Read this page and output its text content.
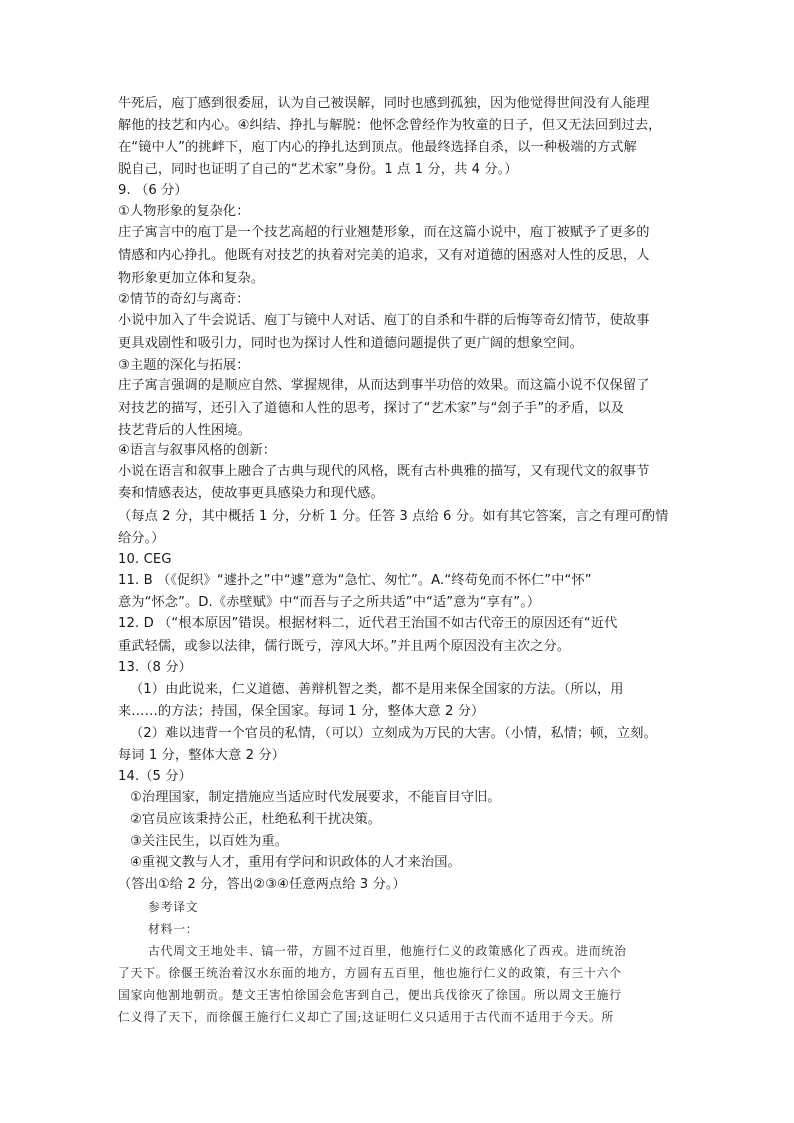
牛死后，庖丁感到很委屈，认为自己被误解，同时也感到孤独，因为他觉得世间没有人能理
解他的技艺和内心。④纠结、挣扎与解脱：他怀念曾经作为牧童的日子，但又无法回到过去，
在“镜中人”的挑衅下，庖丁内心的挣扎达到顶点。他最终选择自杀，以一种极端的方式解
脱自己，同时也证明了自己的“艺术家”身份。1 点 1 分，共 4 分。）
9. （6 分）
①人物形象的复杂化：
庄子寓言中的庖丁是一个技艺高超的行业翘楚形象，而在这篇小说中，庖丁被赋予了更多的
情感和内心挣扎。他既有对技艺的执着对完美的追求，又有对道德的困惑对人性的反思，人
物形象更加立体和复杂。
②情节的奇幻与离奇：
小说中加入了牛会说话、庖丁与镜中人对话、庖丁的自杀和牛群的后悔等奇幻情节，使故事
更具戏剧性和吸引力，同时也为探讨人性和道德问题提供了更广阔的想象空间。
③主题的深化与拓展：
庄子寓言强调的是顺应自然、掌握规律，从而达到事半功倍的效果。而这篇小说不仅保留了
对技艺的描写，还引入了道德和人性的思考，探讨了“艺术家”与“刽子手”的矛盾，以及
技艺背后的人性困境。
④语言与叙事风格的创新：
小说在语言和叙事上融合了古典与现代的风格，既有古朴典雅的描写，又有现代文的叙事节
奏和情感表达，使故事更具感染力和现代感。
（每点 2 分，其中概括 1 分，分析 1 分。任答 3 点给 6 分。如有其它答案，言之有理可酌情
给分。）
10. CEG
11. B （《促织》“遽扑之”中“遽”意为“急忙、匆忙”。A.“终苟免而不怀仁”中“怀”
意为“怀念”。D.《赤壁赋》中“而吾与子之所共适”中“适”意为“享有”。）
12. D （“根本原因”错误。根据材料二，近代君王治国不如古代帝王的原因还有“近代
重武轻儒，或参以法律，儒行既亏，淳风大坏。”并且两个原因没有主次之分。
13.（8 分）
（1）由此说来，仁义道德、善辩机智之类，都不是用来保全国家的方法。（所以，用
来……的方法；持国，保全国家。每词 1 分，整体大意 2 分）
（2）难以违背一个官员的私情，（可以）立刻成为万民的大害。（小情，私情；顿，立刻。
每词 1 分，整体大意 2 分）
14.（5 分）
①治理国家，制定措施应当适应时代发展要求，不能盲目守旧。
②官员应该秉持公正，杜绝私利干扰决策。
③关注民生，以百姓为重。
④重视文教与人才，重用有学问和识政体的人才来治国。
（答出①给 2 分，答出②③④任意两点给 3 分。）
参考译文
材料一：
古代周文王地处丰、镐一带，方圆不过百里，他施行仁义的政策感化了西戎。进而统治
了天下。徐偃王统治着汉水东面的地方，方圆有五百里，他也施行仁义的政策，有三十六个
国家向他割地朝贡。楚文王害怕徐国会危害到自己，便出兵伐徐灭了徐国。所以周文王施行
仁义得了天下，而徐偃王施行仁义却亡了国;这证明仁义只适用于古代而不适用于今天。所
